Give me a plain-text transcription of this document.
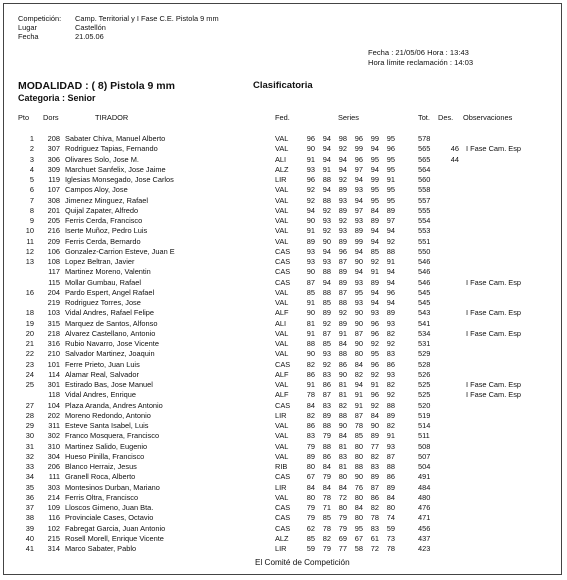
Competición:	Camp. Territorial y I Fase C.E. Pistola 9 mm
Lugar	Castellón
Fecha	21.05.06
Fecha : 21/05/06 Hora : 13:43
Hora límite reclamación : 14:03
MODALIDAD : ( 8) Pistola 9 mm
Categoria : Senior
Clasificatoria
Pto Dors	TIRADOR	Fed.	Series	Tot. Des. Observaciones
1	208 Sabater Chiva, Manuel Alberto	VAL	96	94	98	96	99	95	578
2	307 Rodriguez Tapias, Fernando	VAL	90	94	92	99	94	96	565	46 I Fase Cam. Esp
3	306 Olivares Solo, Jose M.	ALI	91	94	94	96	95	95	565	44
4	309 Marchuet Sanfelix, Jose Jaime	ALZ	93	91	94	97	94	95	564
5	119 Iglesias Monsegado, Jose Carlos	LIR	96	88	92	94	99	91	560
6	107 Campos Aloy, Jose	VAL	92	94	89	93	95	95	558
7	308 Jimenez Minguez, Rafael	VAL	92	88	93	94	95	95	557
8	201 Quijal Zapater, Alfredo	VAL	94	92	89	97	84	89	555
9	205 Ferris Cerda, Francisco	VAL	90	93	92	93	89	97	554
10	216 Iserte Muñoz, Pedro Luis	VAL	91	92	93	89	94	94	553
11	209 Ferris Cerda, Bernardo	VAL	89	90	89	99	94	92	551
12	106 Gonzalez-Carrion Esteve, Juan E	CAS	93	94	96	94	85	88	550
13	108 Lopez Beltran, Javier	CAS	93	93	87	90	92	91	546
117 Martinez Moreno, Valentin	CAS	90	88	89	94	91	94	546
115 Mollar Gumbau, Rafael	CAS	87	94	89	93	89	94	546	I Fase Cam. Esp
16	204 Pardo Espert, Angel Rafael	VAL	85	88	87	95	94	96	545
219 Rodriguez Torres, Jose	VAL	91	85	88	93	94	94	545
18	103 Vidal Andres, Rafael Felipe	ALF	90	89	92	90	93	89	543	I Fase Cam. Esp
19	315 Marquez de Santos, Alfonso	ALI	81	92	89	90	96	93	541
20	218 Alvarez Castellano, Antonio	VAL	91	87	91	87	96	82	534	I Fase Cam. Esp
21	316 Rubio Navarro, Jose Vicente	VAL	88	85	84	90	92	92	531
22	210 Salvador Martinez, Joaquin	VAL	90	93	88	80	95	83	529
23	101 Ferre Prieto, Juan Luis	CAS	82	92	86	84	96	86	528
24	114 Alamar Real, Salvador	ALF	86	83	90	82	92	93	526
25	301 Estirado Bas, Jose Manuel	VAL	91	86	81	94	91	82	525	I Fase Cam. Esp
118 Vidal Andres, Enrique	ALF	78	87	81	91	96	92	525	I Fase Cam. Esp
27	104 Plaza Aranda, Andres Antonio	CAS	84	83	82	91	92	88	520
28	202 Moreno Redondo, Antonio	LIR	82	89	88	87	84	89	519
29	311 Esteve Santa Isabel, Luis	VAL	86	88	90	78	90	82	514
30	302 Franco Mosquera, Francisco	VAL	83	79	84	85	89	91	511
31	310 Martinez Salido, Eugenio	VAL	79	88	81	80	77	93	508
32	304 Hueso Pinilla, Francisco	VAL	89	86	83	80	82	87	507
33	206 Blanco Herraiz, Jesus	RIB	80	84	81	88	83	88	504
34	111 Granell Roca, Alberto	CAS	67	79	80	90	89	86	491
35	303 Montesinos Durban, Mariano	LIR	84	84	84	76	87	89	484
36	214 Ferris Oltra, Francisco	VAL	80	78	72	80	86	84	480
37	109 Lloscos Gimeno, Juan Bta.	CAS	79	71	80	84	82	80	476
38	116 Provinciale Cases, Octavio	CAS	79	85	79	80	78	74	471
39	102 Fabregat Garcia, Juan Antonio	CAS	62	78	79	95	83	59	456
40	215 Rosell Morell, Enrique Vicente	ALZ	85	82	69	67	61	73	437
41	314 Marco Sabater, Pablo	LIR	59	79	77	58	72	78	423
El Comité de Competición
